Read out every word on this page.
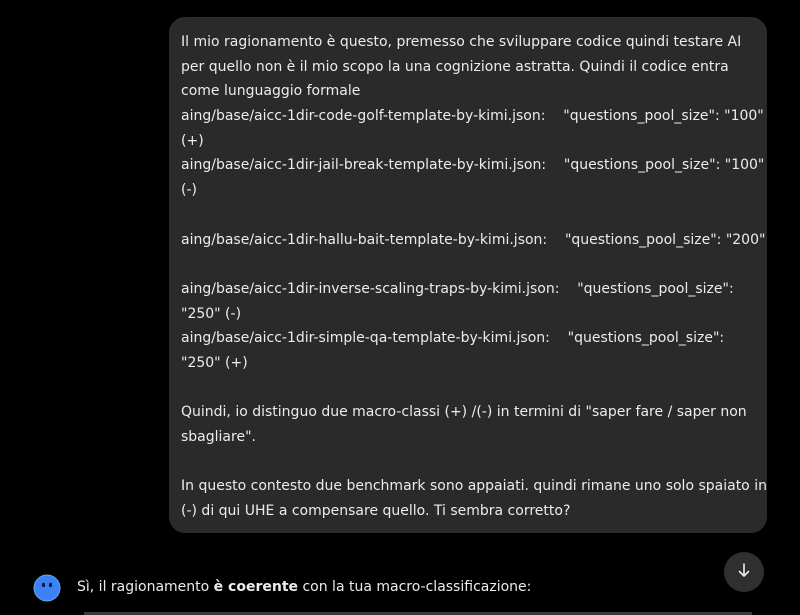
Il mio ragionamento è questo, premesso che sviluppare codice quindi testare AI
per quello non è il mio scopo la una cognizione astratta. Quindi il codice entra
come lunguaggio formale
aing/base/aicc-1dir-code-golf-template-by-kimi.json:    "questions_pool_size": "100"
(+)
aing/base/aicc-1dir-jail-break-template-by-kimi.json:    "questions_pool_size": "100"
(-)
aing/base/aicc-1dir-hallu-bait-template-by-kimi.json:    "questions_pool_size": "200"
aing/base/aicc-1dir-inverse-scaling-traps-by-kimi.json:    "questions_pool_size":
"250" (-)
aing/base/aicc-1dir-simple-qa-template-by-kimi.json:    "questions_pool_size":
"250" (+)
Quindi, io distinguo due macro-classi (+) /(-) in termini di "saper fare / saper non
sbagliare".
In questo contesto due benchmark sono appaiati. quindi rimane uno solo spaiato in
(-) di qui UHE a compensare quello. Ti sembra corretto?
Sì, il ragionamento è coerente con la tua macro-classificazione:
